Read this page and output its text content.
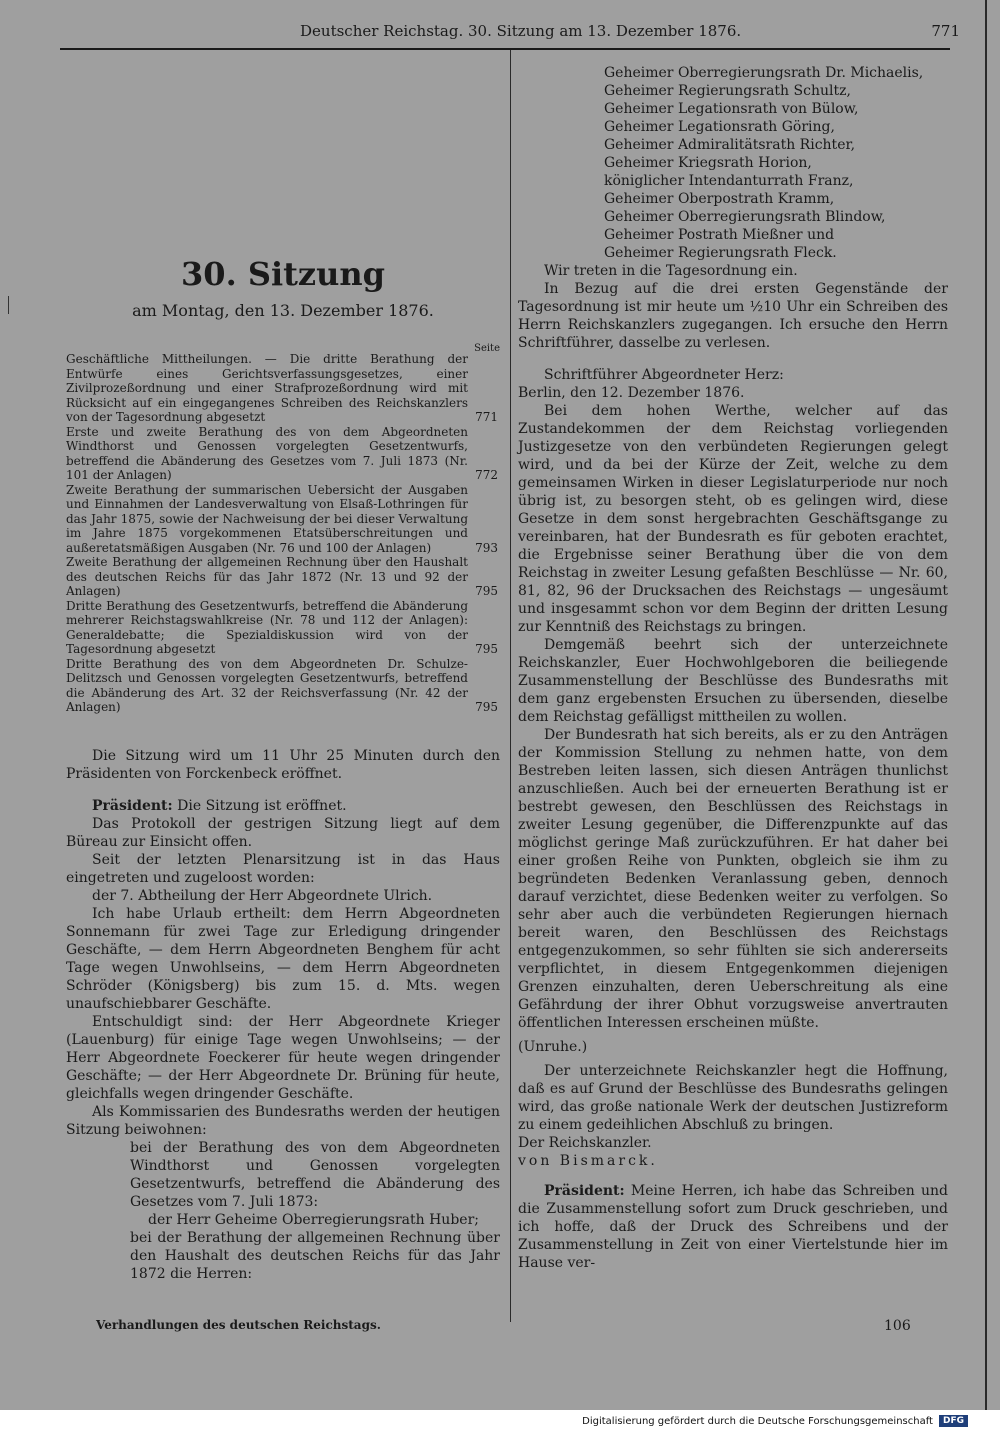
Deutscher Reichstag. 30. Sitzung am 13. Dezember 1876.	771
30. Sitzung
am Montag, den 13. Dezember 1876.
Seite

Geschäftliche Mittheilungen. — Die dritte Berathung der Entwürfe eines Gerichtsverfassungsgesetzes, einer Zivilprozeßordnung und einer Strafprozeßordnung wird mit Rücksicht auf ein eingegangenes Schreiben des Reichskanzlers von der Tagesordnung abgesetzt	771

Erste und zweite Berathung des von dem Abgeordneten Windthorst und Genossen vorgelegten Gesetzentwurfs, betreffend die Abänderung des Gesetzes vom 7. Juli 1873 (Nr. 101 der Anlagen)	772

Zweite Berathung der summarischen Uebersicht der Ausgaben und Einnahmen der Landesverwaltung von Elsaß-Lothringen für das Jahr 1875, sowie der Nachweisung der bei dieser Verwaltung im Jahre 1875 vorgekommenen Etatsüberschreitungen und außeretatsmäßigen Ausgaben (Nr. 76 und 100 der Anlagen)	793

Zweite Berathung der allgemeinen Rechnung über den Haushalt des deutschen Reichs für das Jahr 1872 (Nr. 13 und 92 der Anlagen)	795

Dritte Berathung des Gesetzentwurfs, betreffend die Abänderung mehrerer Reichstagswahlkreise (Nr. 78 und 112 der Anlagen): Generaldebatte; die Spezialdiskussion wird von der Tagesordnung abgesetzt	795

Dritte Berathung des von dem Abgeordneten Dr. Schulze-Delitzsch und Genossen vorgelegten Gesetzentwurfs, betreffend die Abänderung des Art. 32 der Reichsverfassung (Nr. 42 der Anlagen)	795

Die Sitzung wird um 11 Uhr 25 Minuten durch den Präsidenten von Forckenbeck eröffnet.

Präsident: Die Sitzung ist eröffnet.

Das Protokoll der gestrigen Sitzung liegt auf dem Büreau zur Einsicht offen.

Seit der letzten Plenarsitzung ist in das Haus eingetreten und zugeloost worden:

der 7. Abtheilung der Herr Abgeordnete Ulrich.

Ich habe Urlaub ertheilt: dem Herrn Abgeordneten Sonnemann für zwei Tage zur Erledigung dringender Geschäfte, — dem Herrn Abgeordneten Benghem für acht Tage wegen Unwohlseins, — dem Herrn Abgeordneten Schröder (Königsberg) bis zum 15. d. Mts. wegen unaufschiebbarer Geschäfte.

Entschuldigt sind: der Herr Abgeordnete Krieger (Lauenburg) für einige Tage wegen Unwohlseins; — der Herr Abgeordnete Foeckerer für heute wegen dringender Geschäfte; — der Herr Abgeordnete Dr. Brüning für heute, gleichfalls wegen dringender Geschäfte.

Als Kommissarien des Bundesraths werden der heutigen Sitzung beiwohnen:

bei der Berathung des von dem Abgeordneten Windthorst und Genossen vorgelegten Gesetzentwurfs, betreffend die Abänderung des Gesetzes vom 7. Juli 1873:

der Herr Geheime Oberregierungsrath Huber;

bei der Berathung der allgemeinen Rechnung über den Haushalt des deutschen Reichs für das Jahr 1872 die Herren:

Verhandlungen des deutschen Reichstags.

Geheimer Oberregierungsrath Dr. Michaelis,

Geheimer Regierungsrath Schultz,

Geheimer Legationsrath von Bülow,

Geheimer Legationsrath Göring,

Geheimer Admiralitätsrath Richter,

Geheimer Kriegsrath Horion,

königlicher Intendanturrath Franz,

Geheimer Oberpostrath Kramm,

Geheimer Oberregierungsrath Blindow,

Geheimer Postrath Mießner und

Geheimer Regierungsrath Fleck.

Wir treten in die Tagesordnung ein.

In Bezug auf die drei ersten Gegenstände der Tagesordnung ist mir heute um ½10 Uhr ein Schreiben des Herrn Reichskanzlers zugegangen. Ich ersuche den Herrn Schriftführer, dasselbe zu verlesen.

Schriftführer Abgeordneter Herz:

Berlin, den 12. Dezember 1876.

Bei dem hohen Werthe, welcher auf das Zustandekommen der dem Reichstag vorliegenden Justizgesetze von den verbündeten Regierungen gelegt wird, und da bei der Kürze der Zeit, welche zu dem gemeinsamen Wirken in dieser Legislaturperiode nur noch übrig ist, zu besorgen steht, ob es gelingen wird, diese Gesetze in dem sonst hergebrachten Geschäftsgange zu vereinbaren, hat der Bundesrath es für geboten erachtet, die Ergebnisse seiner Berathung über die von dem Reichstag in zweiter Lesung gefaßten Beschlüsse — Nr. 60, 81, 82, 96 der Drucksachen des Reichstags — ungesäumt und insgesammt schon vor dem Beginn der dritten Lesung zur Kenntniß des Reichstags zu bringen.

Demgemäß beehrt sich der unterzeichnete Reichskanzler, Euer Hochwohlgeboren die beiliegende Zusammenstellung der Beschlüsse des Bundesraths mit dem ganz ergebensten Ersuchen zu übersenden, dieselbe dem Reichstag gefälligst mittheilen zu wollen.

Der Bundesrath hat sich bereits, als er zu den Anträgen der Kommission Stellung zu nehmen hatte, von dem Bestreben leiten lassen, sich diesen Anträgen thunlichst anzuschließen. Auch bei der erneuerten Berathung ist er bestrebt gewesen, den Beschlüssen des Reichstags in zweiter Lesung gegenüber, die Differenzpunkte auf das möglichst geringe Maß zurückzuführen. Er hat daher bei einer großen Reihe von Punkten, obgleich sie ihm zu begründeten Bedenken Veranlassung geben, dennoch darauf verzichtet, diese Bedenken weiter zu verfolgen. So sehr aber auch die verbündeten Regierungen hiernach bereit waren, den Beschlüssen des Reichstags entgegenzukommen, so sehr fühlten sie sich andererseits verpflichtet, in diesem Entgegenkommen diejenigen Grenzen einzuhalten, deren Ueberschreitung als eine Gefährdung der ihrer Obhut vorzugsweise anvertrauten öffentlichen Interessen erscheinen müßte.

(Unruhe.)

Der unterzeichnete Reichskanzler hegt die Hoffnung, daß es auf Grund der Beschlüsse des Bundesraths gelingen wird, das große nationale Werk der deutschen Justizreform zu einem gedeihlichen Abschluß zu bringen.

Der Reichskanzler.

von Bismarck.

Präsident: Meine Herren, ich habe das Schreiben und die Zusammenstellung sofort zum Druck geschrieben, und ich hoffe, daß der Druck des Schreibens und der Zusammenstellung in Zeit von einer Viertelstunde hier im Hause ver-

106
Digitalisierung gefördert durch die Deutsche Forschungsgemeinschaft	DFG
